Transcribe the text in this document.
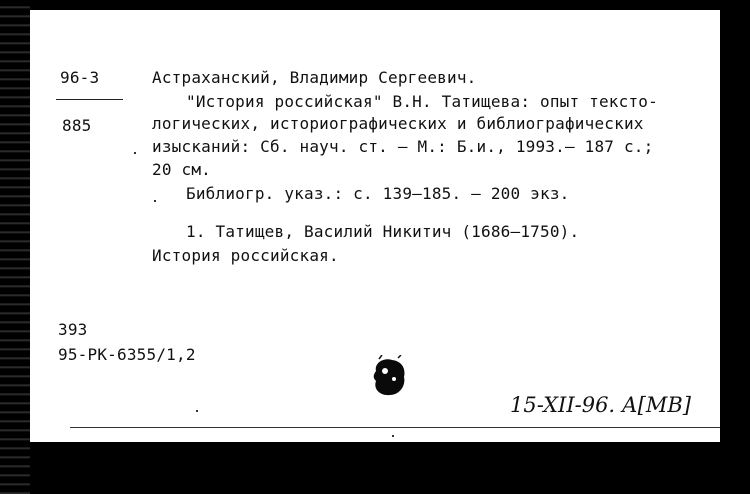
96-3
885
Астраханский, Владимир Сергеевич.
"История российская" В.Н. Татищева: опыт тексто-
логических, историографических и библиографических
изысканий: Сб. науч. ст. – М.: Б.и., 1993.– 187 с.;
20 см.
Библиогр. указ.: с. 139–185. – 200 экз.
1. Татищев, Василий Никитич (1686–1750).
История российская.
393
95-РК-6355/1,2
15-XII-96. А[МВ]
